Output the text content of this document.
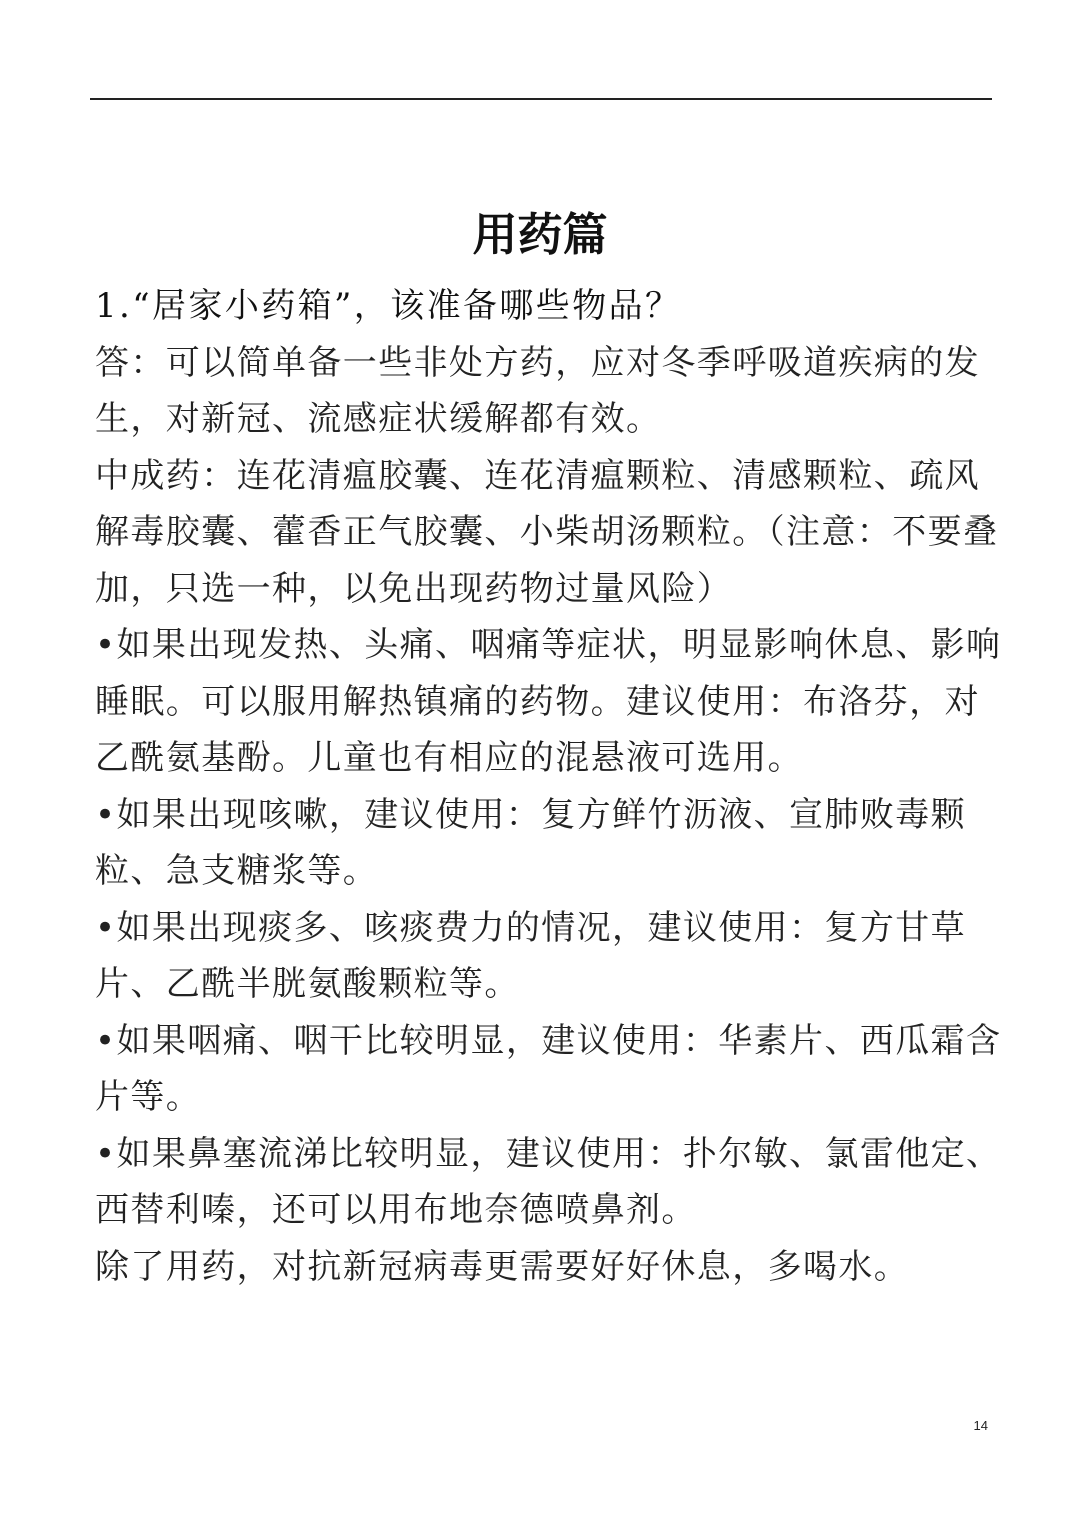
用药篇

1.“居家小药箱”，该准备哪些物品？

答：可以简单备一些非处方药，应对冬季呼吸道疾病的发生，对新冠、流感症状缓解都有效。

中成药：连花清瘟胶囊、连花清瘟颗粒、清感颗粒、疏风解毒胶囊、藿香正气胶囊、小柴胡汤颗粒。（注意：不要叠加，只选一种，以免出现药物过量风险）

•如果出现发热、头痛、咽痛等症状，明显影响休息、影响睡眠。可以服用解热镇痛的药物。建议使用：布洛芬，对乙酰氨基酚。儿童也有相应的混悬液可选用。

•如果出现咳嗽，建议使用：复方鲜竹沥液、宣肺败毒颗粒、急支糖浆等。

•如果出现痰多、咳痰费力的情况，建议使用：复方甘草片、乙酰半胱氨酸颗粒等。

•如果咽痛、咽干比较明显，建议使用：华素片、西瓜霜含片等。

•如果鼻塞流涕比较明显，建议使用：扑尔敏、氯雷他定、西替利嗪，还可以用布地奈德喷鼻剂。

除了用药，对抗新冠病毒更需要好好休息，多喝水。

14
